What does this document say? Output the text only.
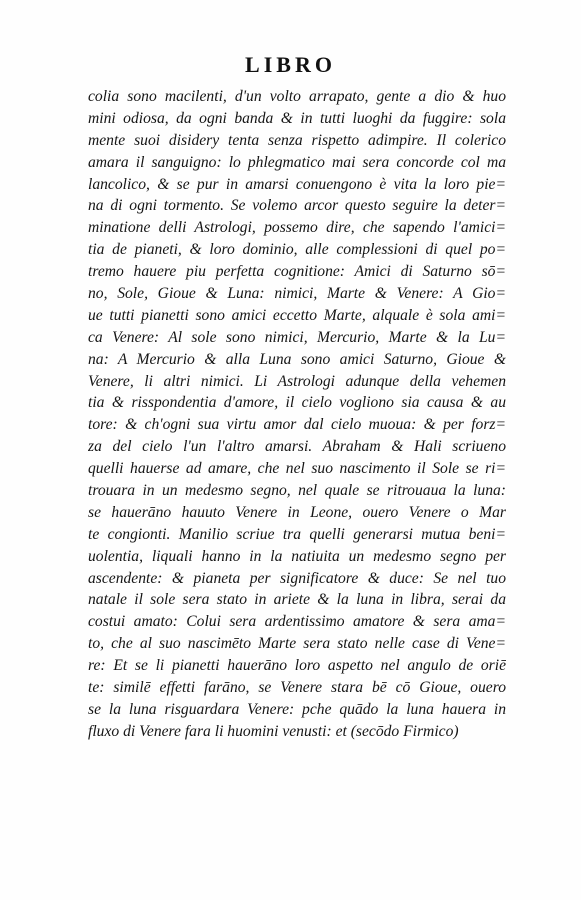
LIBRO
colia sono macilenti, d'un volto arrapato, gente a dio & huo
mini odiosa, da ogni banda & in tutti luoghi da fuggire: sola
mente suoi disidery tenta senza rispetto adimpire. Il colerico
amara il sanguigno: lo phlegmatico mai sera concorde col ma
lancolico, & se pur in amarsi conuengono è vita la loro pie=
na di ogni tormento. Se volemo arcor questo seguire la deter=
minatione delli Astrologi, possemo dire, che sapendo l'amici=
tia de pianeti, & loro dominio, alle complessioni di quel po=
tremo hauere piu perfetta cognitione: Amici di Saturno sō=
no, Sole, Gioue & Luna: nimici, Marte & Venere: A Gio=
ue tutti pianetti sono amici eccetto Marte, alquale è sola ami=
ca Venere: Al sole sono nimici, Mercurio, Marte & la Lu=
na: A Mercurio & alla Luna sono amici Saturno, Gioue &
Venere, li altri nimici. Li Astrologi adunque della vehemen
tia & risspondentia d'amore, il cielo vogliono sia causa & au
tore: & ch'ogni sua virtu amor dal cielo muoua: & per forz=
za del cielo l'un l'altro amarsi. Abraham & Hali scriueno
quelli hauerse ad amare, che nel suo nascimento il Sole se ri=
trouara in un medesmo segno, nel quale se ritrouaua la luna:
se hauerāno hauuto Venere in Leone, ouero Venere o Mar
te congionti. Manilio scriue tra quelli generarsi mutua beni=
uolentia, liquali hanno in la natiuita un medesmo segno per
ascendente: & pianeta per significatore & duce: Se nel tuo
natale il sole sera stato in ariete & la luna in libra, serai da
costui amato: Colui sera ardentissimo amatore & sera ama=
to, che al suo nascimēto Marte sera stato nelle case di Vene=
re: Et se li pianetti hauerāno loro aspetto nel angulo de oriē
te: similē effetti farāno, se Venere stara bē cō Gioue, ouero
se la luna risguardara Venere: pche quādo la luna hauera in
fluxo di Venere fara li huomini venusti: et (secōdo Firmico)
